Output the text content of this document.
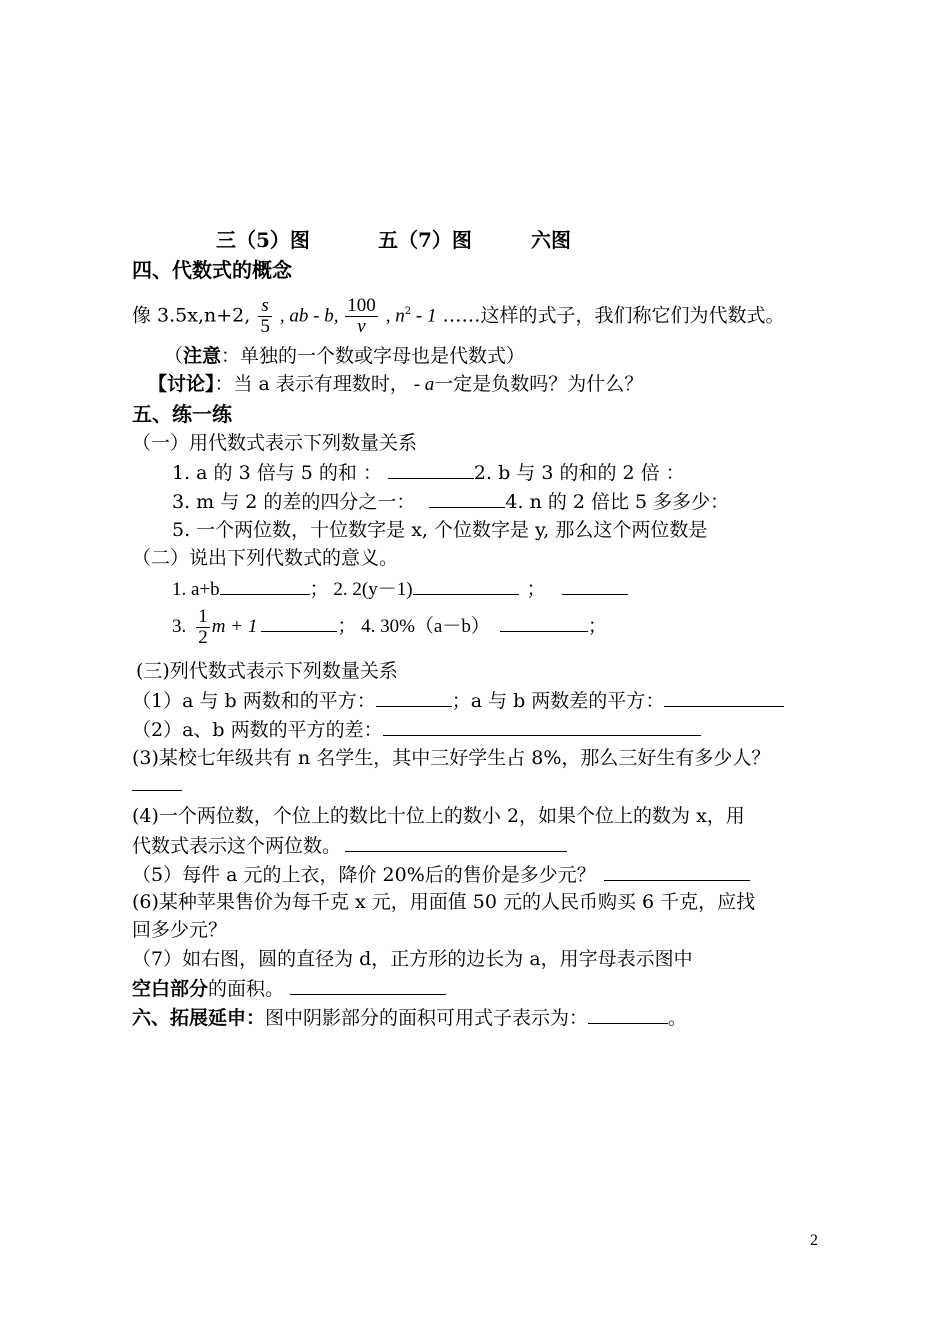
三（5）图	五（7）图	六图
四、代数式的概念
像 3.5x,n+2, $\frac{s}{5}$ , ab - b, $\frac{100}{v}$ , $n^2 - 1$ ……这样的式子，我们称它们为代数式。
（注意：单独的一个数或字母也是代数式）
【讨论】：当 a 表示有理数时， - a一定是负数吗？为什么？
五、练一练
（一）用代数式表示下列数量关系
1. a 的 3 倍与 5 的和 ：	2. b 与 3 的和的 2 倍 ：
3. m 与 2 的差的四分之一：	4. n 的 2 倍比 5 多多少：
5. 一个两位数，十位数字是 x, 个位数字是 y, 那么这个两位数是
（二）说出下列代数式的意义。
1. a+b	； 2. 2(y－1)	；
3. $\frac{1}{2}$ m + 1	； 4. 30%（a－b）	；
(三)列代数式表示下列数量关系
（1）a 与 b 两数和的平方：	；a 与 b 两数差的平方：
（2）a、b 两数的平方的差：
(3)某校七年级共有 n 名学生，其中三好学生占 8%，那么三好生有多少人？
(4)一个两位数，个位上的数比十位上的数小 2，如果个位上的数为 x，用
代数式表示这个两位数。
（5）每件 a 元的上衣，降价 20%后的售价是多少元？
(6)某种苹果售价为每千克 x 元，用面值 50 元的人民币购买 6 千克，应找
回多少元？
（7）如右图，圆的直径为 d，正方形的边长为 a，用字母表示图中
空白部分的面积。
六、拓展延申：图中阴影部分的面积可用式子表示为：	。
2
